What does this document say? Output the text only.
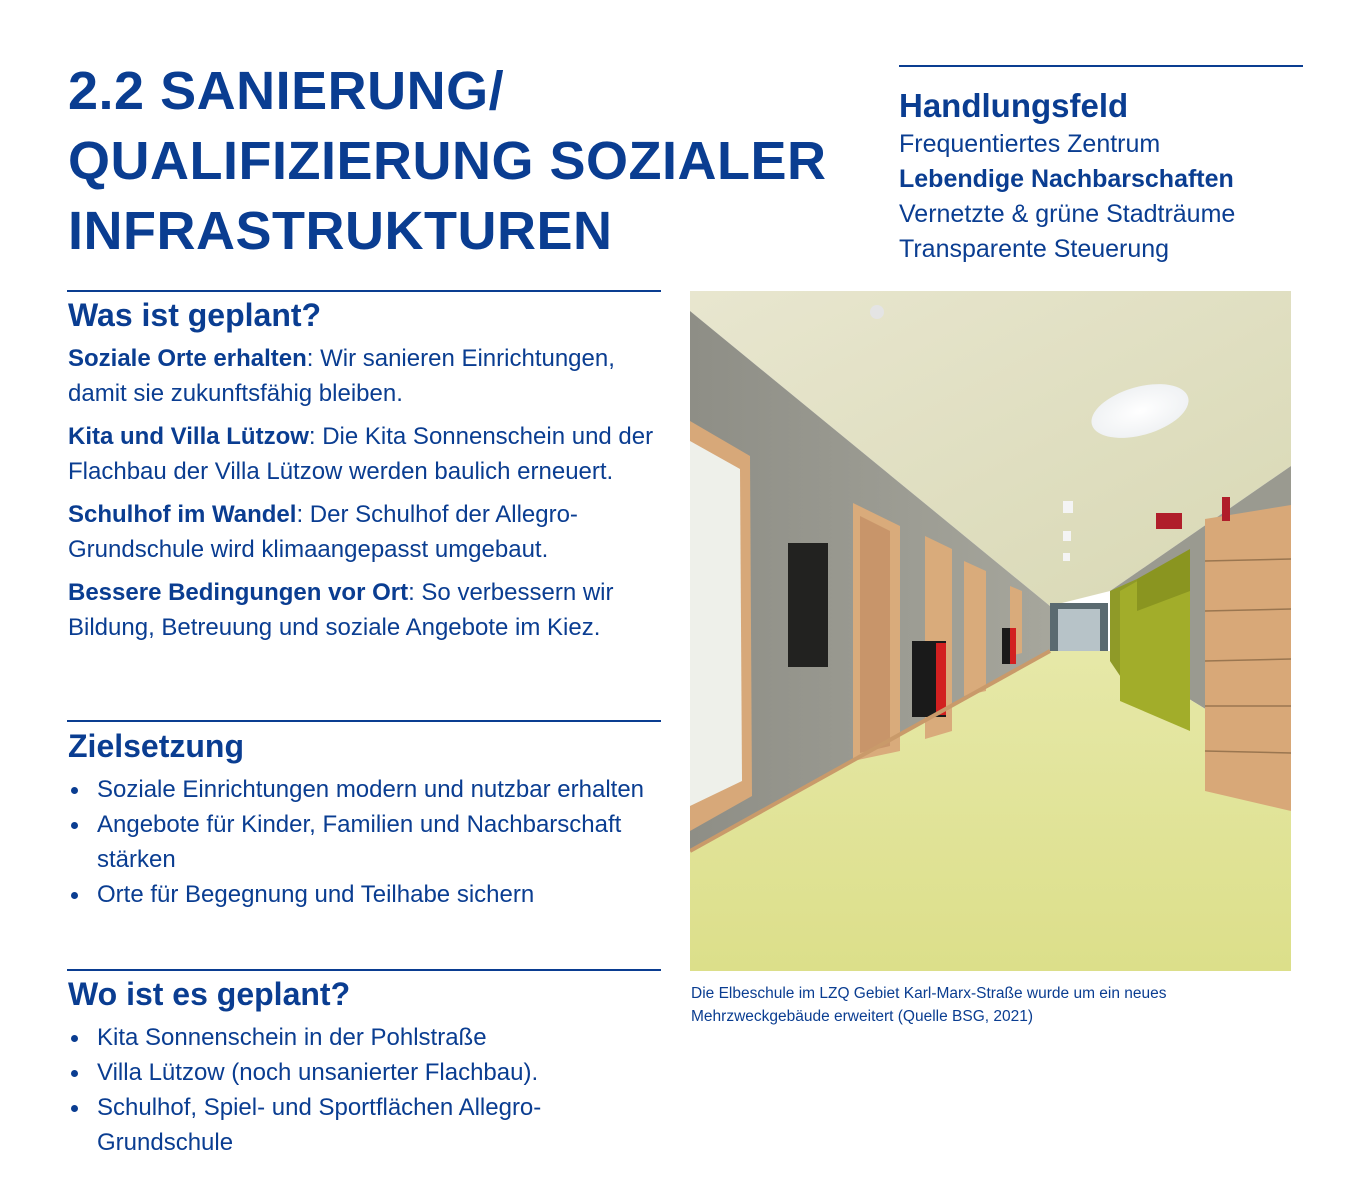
2.2 SANIERUNG/
QUALIFIZIERUNG SOZIALER
INFRASTRUKTUREN
Handlungsfeld
Frequentiertes Zentrum
Lebendige Nachbarschaften
Vernetzte & grüne Stadträume
Transparente Steuerung
Was ist geplant?

Soziale Orte erhalten: Wir sanieren Einrichtungen, damit sie zukunftsfähig bleiben.

Kita und Villa Lützow: Die Kita Sonnenschein und der Flachbau der Villa Lützow werden baulich erneuert.

Schulhof im Wandel: Der Schulhof der Allegro-Grundschule wird klimaangepasst umgebaut.

Bessere Bedingungen vor Ort: So verbessern wir Bildung, Betreuung und soziale Angebote im Kiez.

Zielsetzung
Soziale Einrichtungen modern und nutzbar erhalten
Angebote für Kinder, Familien und Nachbarschaft stärken
Orte für Begegnung und Teilhabe sichern
Wo ist es geplant?
Kita Sonnenschein in der Pohlstraße
Villa Lützow (noch unsanierter Flachbau).
Schulhof, Spiel- und Sportflächen Allegro-Grundschule
Die Elbeschule im LZQ Gebiet Karl-Marx-Straße wurde um ein neues Mehrzweckgebäude erweitert (Quelle BSG, 2021)
